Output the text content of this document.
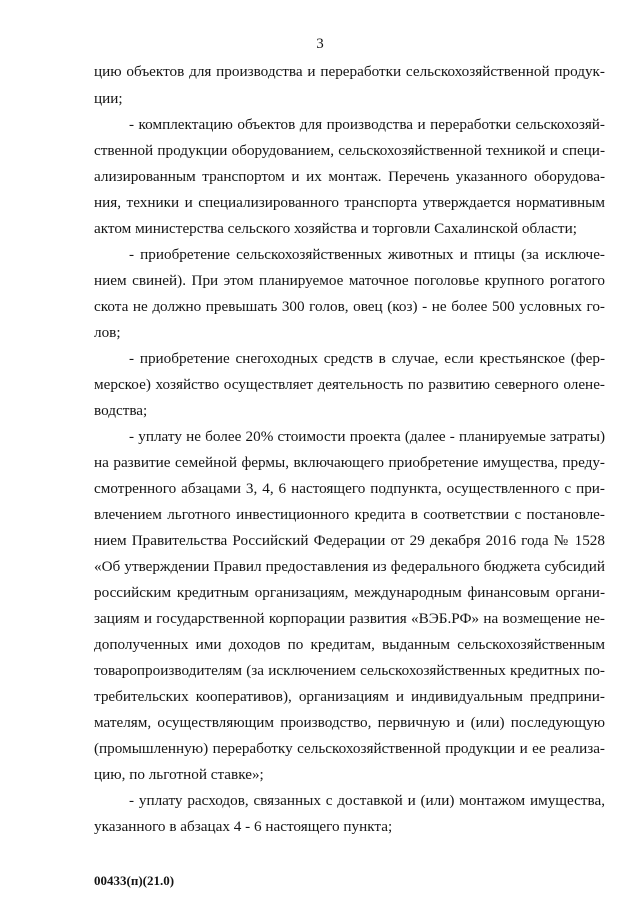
3
цию объектов для производства и переработки сельскохозяйственной продук-
ции;
- комплектацию объектов для производства и переработки сельскохозяй-
ственной продукции оборудованием, сельскохозяйственной техникой и специ-
ализированным транспортом и их монтаж. Перечень указанного оборудова-
ния, техники и специализированного транспорта утверждается нормативным
актом министерства сельского хозяйства и торговли Сахалинской области;
- приобретение сельскохозяйственных животных и птицы (за исключе-
нием свиней). При этом планируемое маточное поголовье крупного рогатого
скота не должно превышать 300 голов, овец (коз) - не более 500 условных го-
лов;
- приобретение снегоходных средств в случае, если крестьянское (фер-
мерское) хозяйство осуществляет деятельность по развитию северного олене-
водства;
- уплату не более 20% стоимости проекта (далее - планируемые затраты)
на развитие семейной фермы, включающего приобретение имущества, преду-
смотренного абзацами 3, 4, 6 настоящего подпункта, осуществленного с при-
влечением льготного инвестиционного кредита в соответствии с постановле-
нием Правительства Российский Федерации от 29 декабря 2016 года № 1528
«Об утверждении Правил предоставления из федерального бюджета субсидий
российским кредитным организациям, международным финансовым органи-
зациям и государственной корпорации развития «ВЭБ.РФ» на возмещение не-
дополученных ими доходов по кредитам, выданным сельскохозяйственным
товаропроизводителям (за исключением сельскохозяйственных кредитных по-
требительских кооперативов), организациям и индивидуальным предприни-
мателям, осуществляющим производство, первичную и (или) последующую
(промышленную) переработку сельскохозяйственной продукции и ее реализа-
цию, по льготной ставке»;
- уплату расходов, связанных с доставкой и (или) монтажом имущества,
указанного в абзацах 4 - 6 настоящего пункта;
00433(п)(21.0)
